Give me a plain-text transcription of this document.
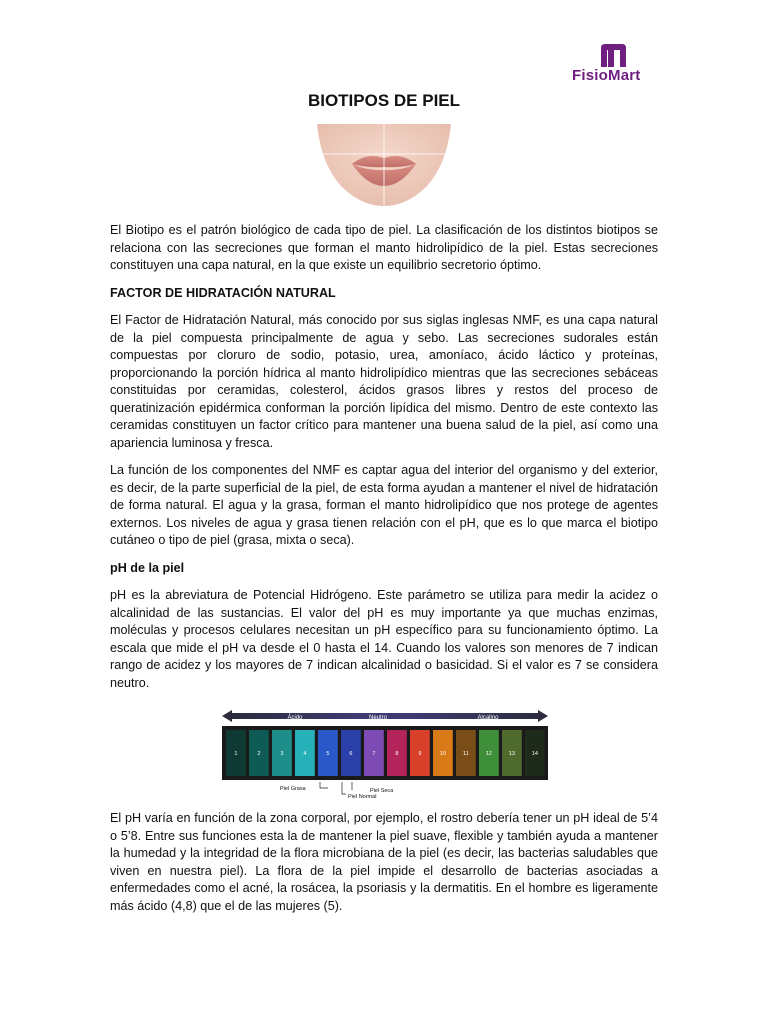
FisioMart
BIOTIPOS DE PIEL

El Biotipo es el patrón biológico de cada tipo de piel. La clasificación de los distintos biotipos se relaciona con las secreciones que forman el manto hidrolipídico de la piel. Estas secreciones constituyen una capa natural, en la que existe un equilibrio secretorio óptimo.

FACTOR DE HIDRATACIÓN NATURAL

El Factor de Hidratación Natural, más conocido por sus siglas inglesas NMF, es una capa natural de la piel compuesta principalmente de agua y sebo. Las secreciones sudorales están compuestas por cloruro de sodio, potasio, urea, amoníaco, ácido láctico y proteínas, proporcionando la porción hídrica al manto hidrolipídico mientras que las secreciones sebáceas constituidas por ceramidas, colesterol, ácidos grasos libres y restos del proceso de queratinización epidérmica conforman la porción lipídica del mismo. Dentro de este contexto las ceramidas constituyen un factor crítico para mantener una buena salud de la piel, así como una apariencia luminosa y fresca.

La función de los componentes del NMF es captar agua del interior del organismo y del exterior, es decir, de la parte superficial de la piel, de esta forma ayudan a mantener el nivel de hidratación de forma natural. El agua y la grasa, forman el manto hidrolipídico que nos protege de agentes externos. Los niveles de agua y grasa tienen relación con el pH, que es lo que marca el biotipo cutáneo o tipo de piel (grasa, mixta o seca).

pH de la piel

pH es la abreviatura de Potencial Hidrógeno. Este parámetro se utiliza para medir la acidez o alcalinidad de las sustancias. El valor del pH es muy importante ya que muchas enzimas, moléculas y procesos celulares necesitan un pH específico para su funcionamiento óptimo. La escala que mide el pH va desde el 0 hasta el 14. Cuando los valores son menores de 7 indican rango de acidez y los mayores de 7 indican alcalinidad o basicidad. Si el valor es 7 se considera neutro.

Ácido	Neutro	Alcalino
1	2	3	4	5	6	7	8	9	10	11	12	13	14
Piel Grasa	Piel Seca
Piel Normal

El pH varía en función de la zona corporal, por ejemplo, el rostro debería tener un pH ideal de 5’4 o 5’8. Entre sus funciones esta la de mantener la piel suave, flexible y también ayuda a mantener la humedad y la integridad de la flora microbiana de la piel (es decir, las bacterias saludables que viven en nuestra piel). La flora de la piel impide el desarrollo de bacterias asociadas a enfermedades como el acné, la rosácea, la psoriasis y la dermatitis. En el hombre es ligeramente más ácido (4,8) que el de las mujeres (5).
